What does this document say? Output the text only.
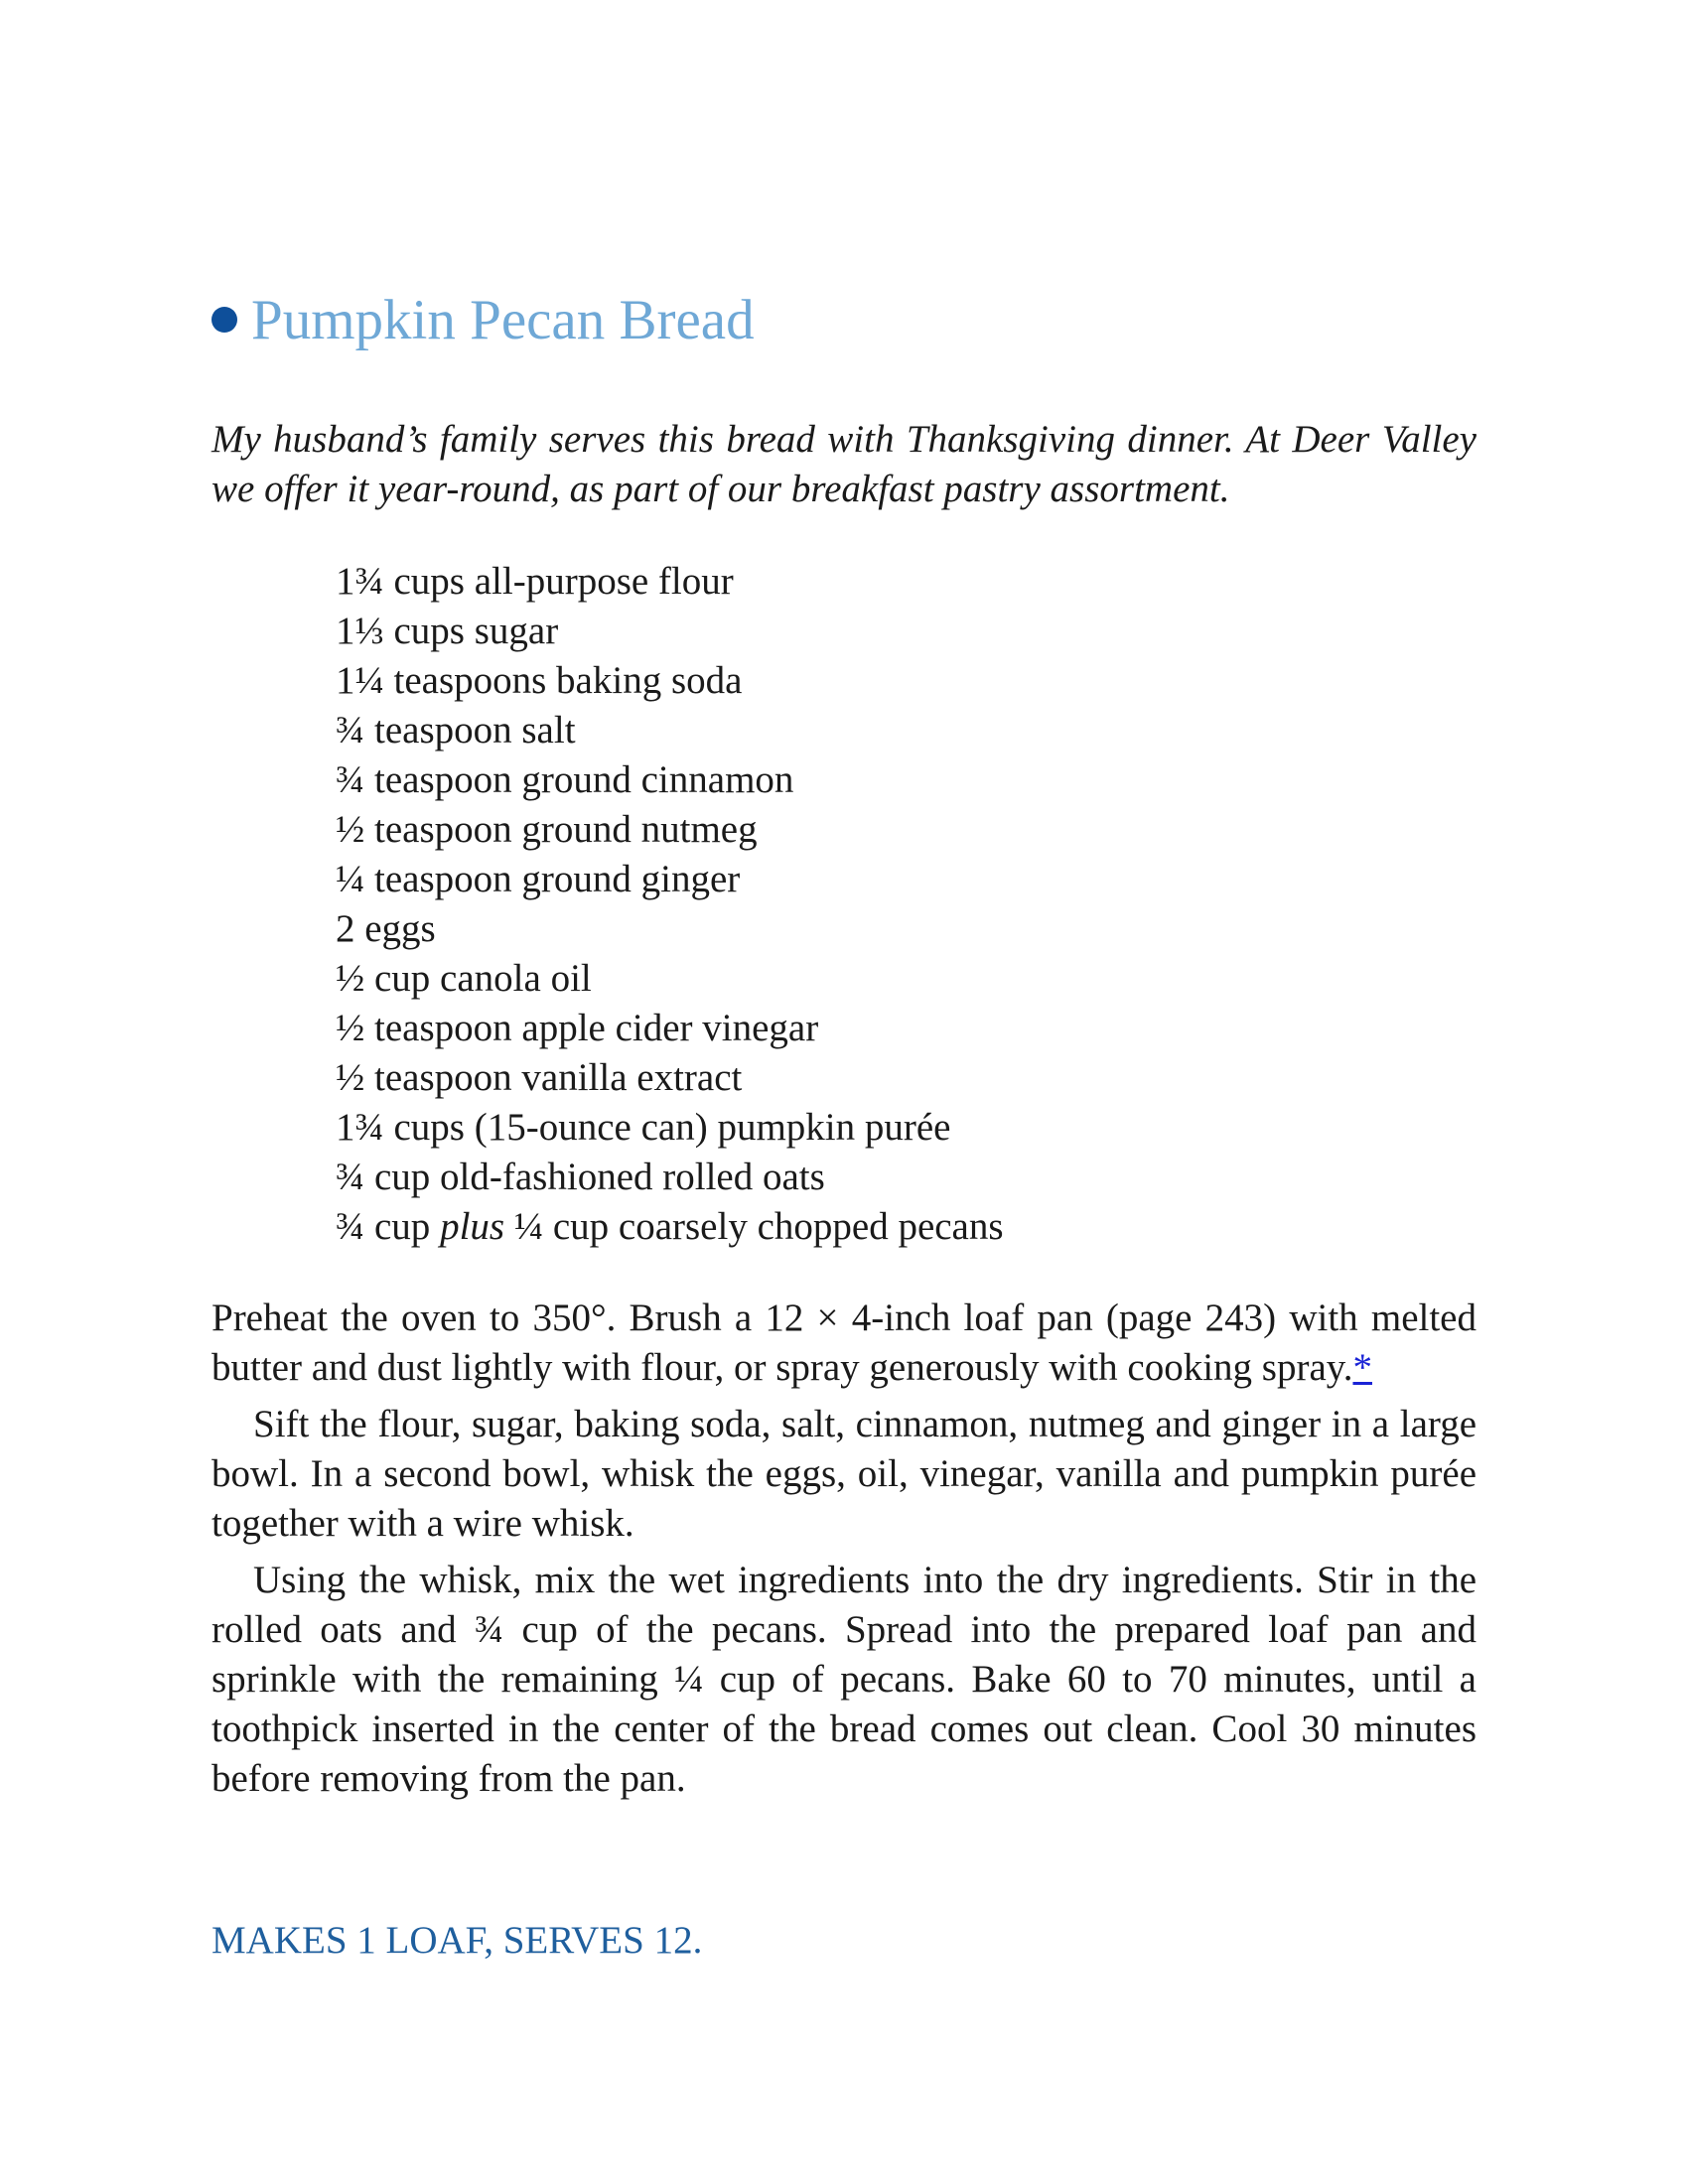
Pumpkin Pecan Bread

My husband’s family serves this bread with Thanksgiving dinner. At Deer Valley we offer it year-round, as part of our breakfast pastry assortment.

1¾ cups all-purpose flour
1⅓ cups sugar
1¼ teaspoons baking soda
¾ teaspoon salt
¾ teaspoon ground cinnamon
½ teaspoon ground nutmeg
¼ teaspoon ground ginger
2 eggs
½ cup canola oil
½ teaspoon apple cider vinegar
½ teaspoon vanilla extract
1¾ cups (15-ounce can) pumpkin purée
¾ cup old-fashioned rolled oats
¾ cup plus ¼ cup coarsely chopped pecans

Preheat the oven to 350°. Brush a 12 × 4-inch loaf pan (page 243) with melted butter and dust lightly with flour, or spray generously with cooking spray.*

Sift the flour, sugar, baking soda, salt, cinnamon, nutmeg and ginger in a large bowl. In a second bowl, whisk the eggs, oil, vinegar, vanilla and pumpkin purée together with a wire whisk.

Using the whisk, mix the wet ingredients into the dry ingredients. Stir in the rolled oats and ¾ cup of the pecans. Spread into the prepared loaf pan and sprinkle with the remaining ¼ cup of pecans. Bake 60 to 70 minutes, until a toothpick inserted in the center of the bread comes out clean. Cool 30 minutes before removing from the pan.

MAKES 1 LOAF, SERVES 12.
